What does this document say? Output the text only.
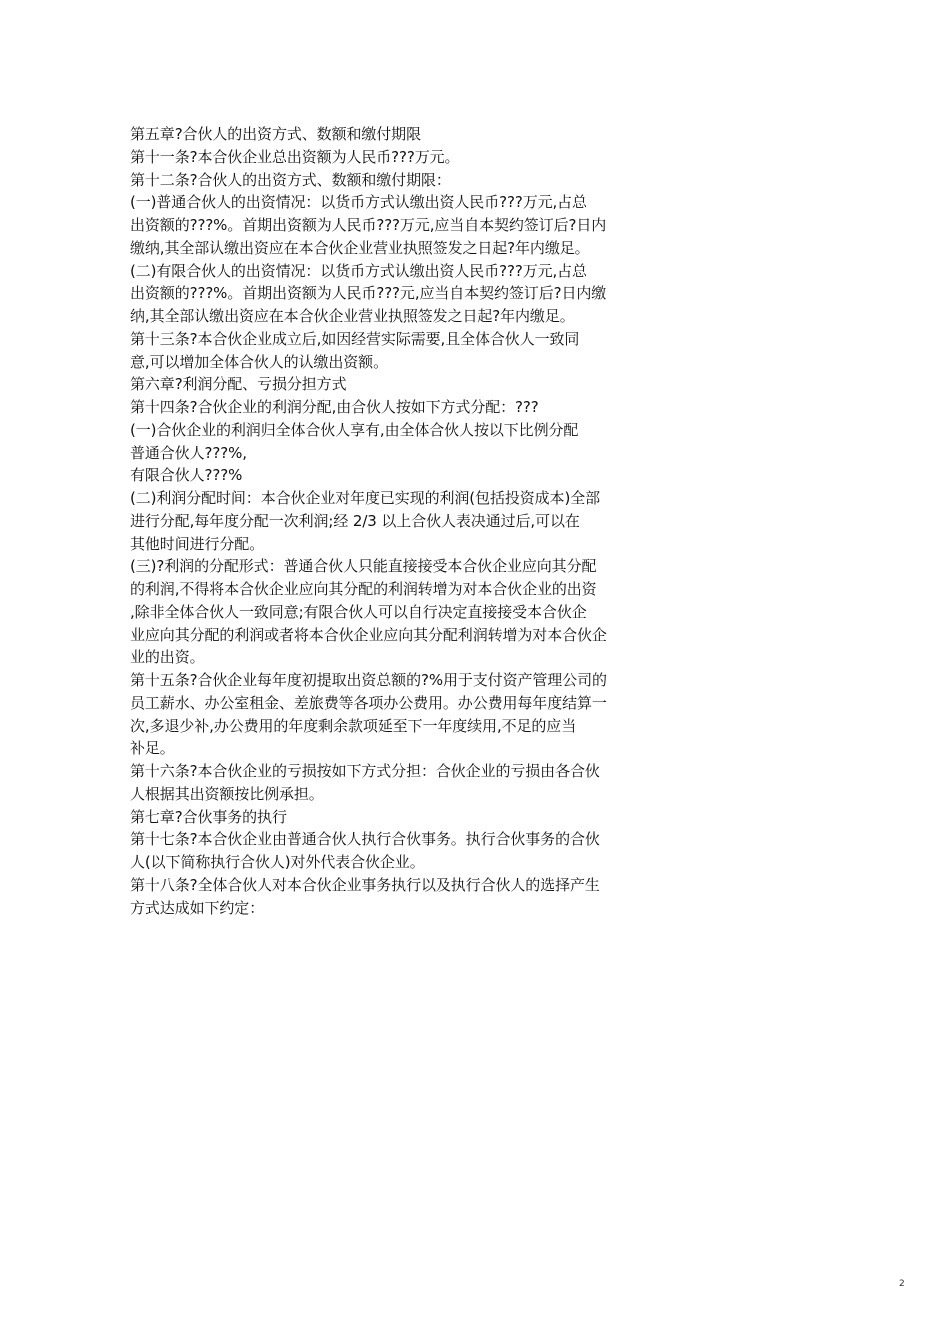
第五章?合伙人的出资方式、数额和缴付期限
第十一条?本合伙企业总出资额为人民币???万元。
第十二条?合伙人的出资方式、数额和缴付期限：
(一)普通合伙人的出资情况：以货币方式认缴出资人民币???万元,占总
出资额的???%。首期出资额为人民币???万元,应当自本契约签订后?日内
缴纳,其全部认缴出资应在本合伙企业营业执照签发之日起?年内缴足。
(二)有限合伙人的出资情况：以货币方式认缴出资人民币???万元,占总
出资额的???%。首期出资额为人民币???元,应当自本契约签订后?日内缴
纳,其全部认缴出资应在本合伙企业营业执照签发之日起?年内缴足。
第十三条?本合伙企业成立后,如因经营实际需要,且全体合伙人一致同
意,可以增加全体合伙人的认缴出资额。
第六章?利润分配、亏损分担方式
第十四条?合伙企业的利润分配,由合伙人按如下方式分配：???
(一)合伙企业的利润归全体合伙人享有,由全体合伙人按以下比例分配
普通合伙人???%,
有限合伙人???%
(二)利润分配时间：本合伙企业对年度已实现的利润(包括投资成本)全部
进行分配,每年度分配一次利润;经 2/3 以上合伙人表决通过后,可以在
其他时间进行分配。
(三)?利润的分配形式：普通合伙人只能直接接受本合伙企业应向其分配
的利润,不得将本合伙企业应向其分配的利润转增为对本合伙企业的出资
,除非全体合伙人一致同意;有限合伙人可以自行决定直接接受本合伙企
业应向其分配的利润或者将本合伙企业应向其分配利润转增为对本合伙企
业的出资。
第十五条?合伙企业每年度初提取出资总额的?%用于支付资产管理公司的
员工薪水、办公室租金、差旅费等各项办公费用。办公费用每年度结算一
次,多退少补,办公费用的年度剩余款项延至下一年度续用,不足的应当
补足。
第十六条?本合伙企业的亏损按如下方式分担：合伙企业的亏损由各合伙
人根据其出资额按比例承担。
第七章?合伙事务的执行
第十七条?本合伙企业由普通合伙人执行合伙事务。执行合伙事务的合伙
人(以下简称执行合伙人)对外代表合伙企业。
第十八条?全体合伙人对本合伙企业事务执行以及执行合伙人的选择产生
方式达成如下约定：
2
